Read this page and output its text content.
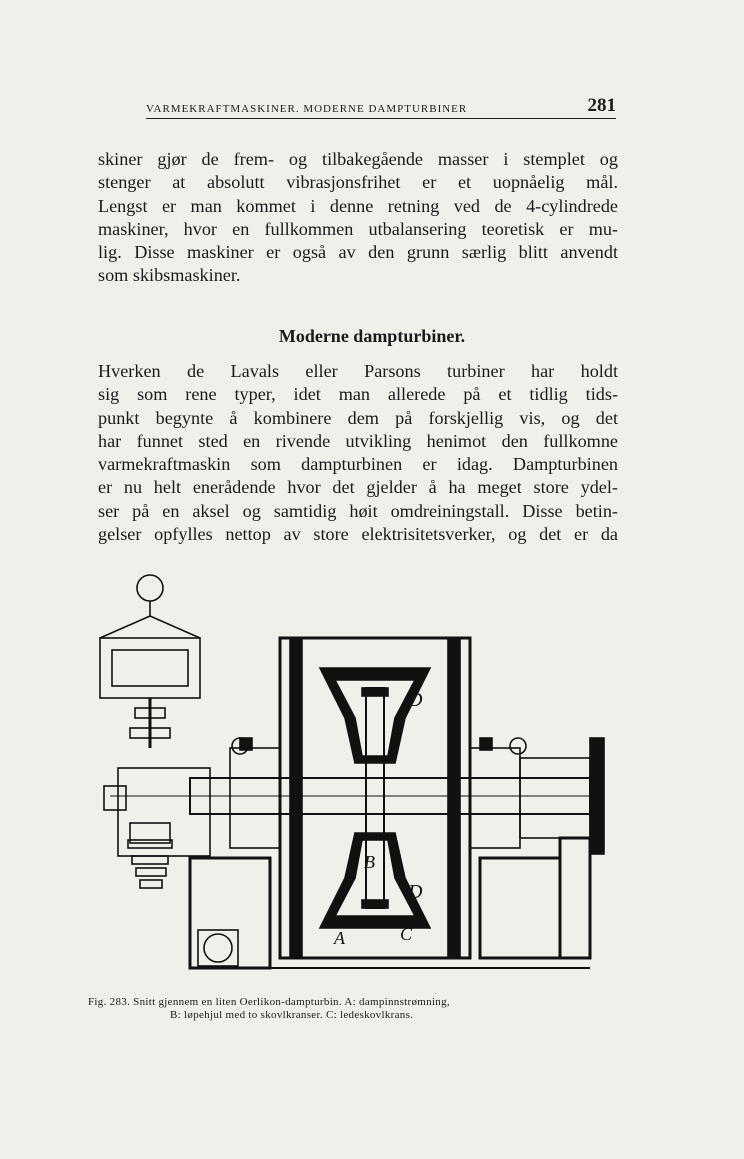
VARMEKRAFTMASKINER. MODERNE DAMPTURBINER	281
skiner gjør de frem- og tilbakegående masser i stemplet og
stenger at absolutt vibrasjonsfrihet er et uopnåelig mål.
Lengst er man kommet i denne retning ved de 4-cylindrede
maskiner, hvor en fullkommen utbalansering teoretisk er mu-
lig. Disse maskiner er også av den grunn særlig blitt anvendt
som skibsmaskiner.
Moderne dampturbiner.
Hverken de Lavals eller Parsons turbiner har holdt
sig som rene typer, idet man allerede på et tidlig tids-
punkt begynte å kombinere dem på forskjellig vis, og det
har funnet sted en rivende utvikling henimot den fullkomne
varmekraftmaskin som dampturbinen er idag. Dampturbinen
er nu helt enerådende hvor det gjelder å ha meget store ydel-
ser på en aksel og samtidig høit omdreiningstall. Disse betin-
gelser opfylles nettop av store elektrisitetsverker, og det er da
D
D
B
A	C
Fig. 283. Snitt gjennem en liten Oerlikon-dampturbin. A: dampinnstrømning,
B: løpehjul med to skovlkranser. C: ledeskovlkrans.
